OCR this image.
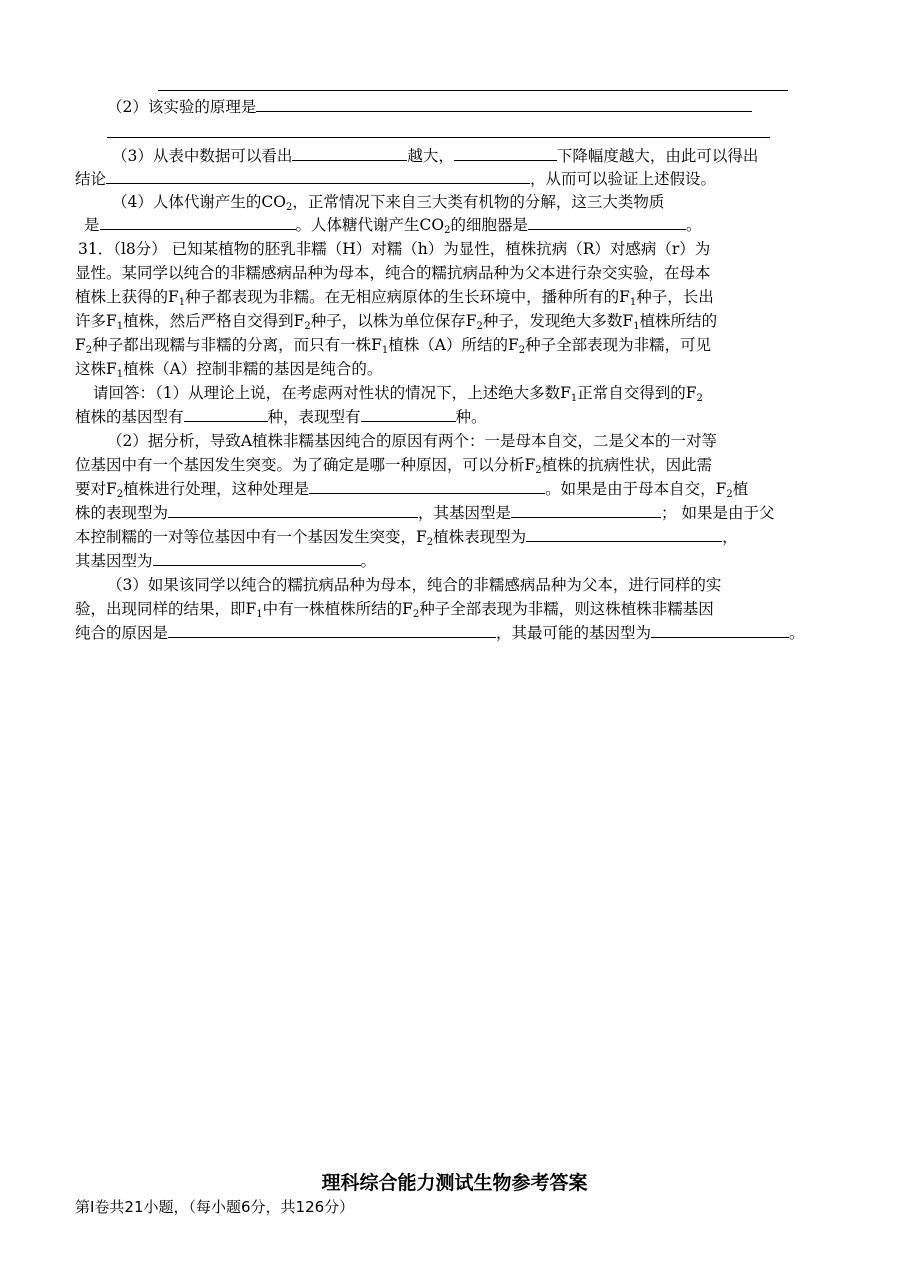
（2）该实验的原理是
（3）从表中数据可以看出	越大，	下降幅度越大，由此可以得出
结论	，从而可以验证上述假设。
（4）人体代谢产生的$CO_2$，正常情况下来自三大类有机物的分解，这三大类物质
是	。人体糖代谢产生$CO_2$的细胞器是	。
31．（l8分） 已知某植物的胚乳非糯（H）对糯（h）为显性，植株抗病（R）对感病（r）为
显性。某同学以纯合的非糯感病品种为母本，纯合的糯抗病品种为父本进行杂交实验，在母本
植株上获得的$F_1$种子都表现为非糯。在无相应病原体的生长环境中，播种所有的$F_1$种子，长出
许多$F_1$植株，然后严格自交得到$F_2$种子，以株为单位保存$F_2$种子，发现绝大多数$F_1$植株所结的
$F_2$种子都出现糯与非糯的分离，而只有一株$F_1$植株（A）所结的$F_2$种子全部表现为非糯，可见
这株$F_1$植株（A）控制非糯的基因是纯合的。
请回答：（1）从理论上说，在考虑两对性状的情况下，上述绝大多数$F_1$正常自交得到的$F_2$
植株的基因型有	种，表现型有	种。
（2）据分析，导致A植株非糯基因纯合的原因有两个：一是母本自交，二是父本的一对等
位基因中有一个基因发生突变。为了确定是哪一种原因，可以分析$F_2$植株的抗病性状，因此需
要对$F_2$植株进行处理，这种处理是	。如果是由于母本自交，$F_2$植
株的表现型为	，其基因型是	； 如果是由于父
本控制糯的一对等位基因中有一个基因发生突变，$F_2$植株表现型为	，
其基因型为	。
（3）如果该同学以纯合的糯抗病品种为母本，纯合的非糯感病品种为父本，进行同样的实
验，出现同样的结果，即$F_1$中有一株植株所结的$F_2$种子全部表现为非糯，则这株植株非糯基因
纯合的原因是	，其最可能的基因型为	。
理科综合能力测试生物参考答案
第Ⅰ卷共21小题，（每小题6分，共126分）
